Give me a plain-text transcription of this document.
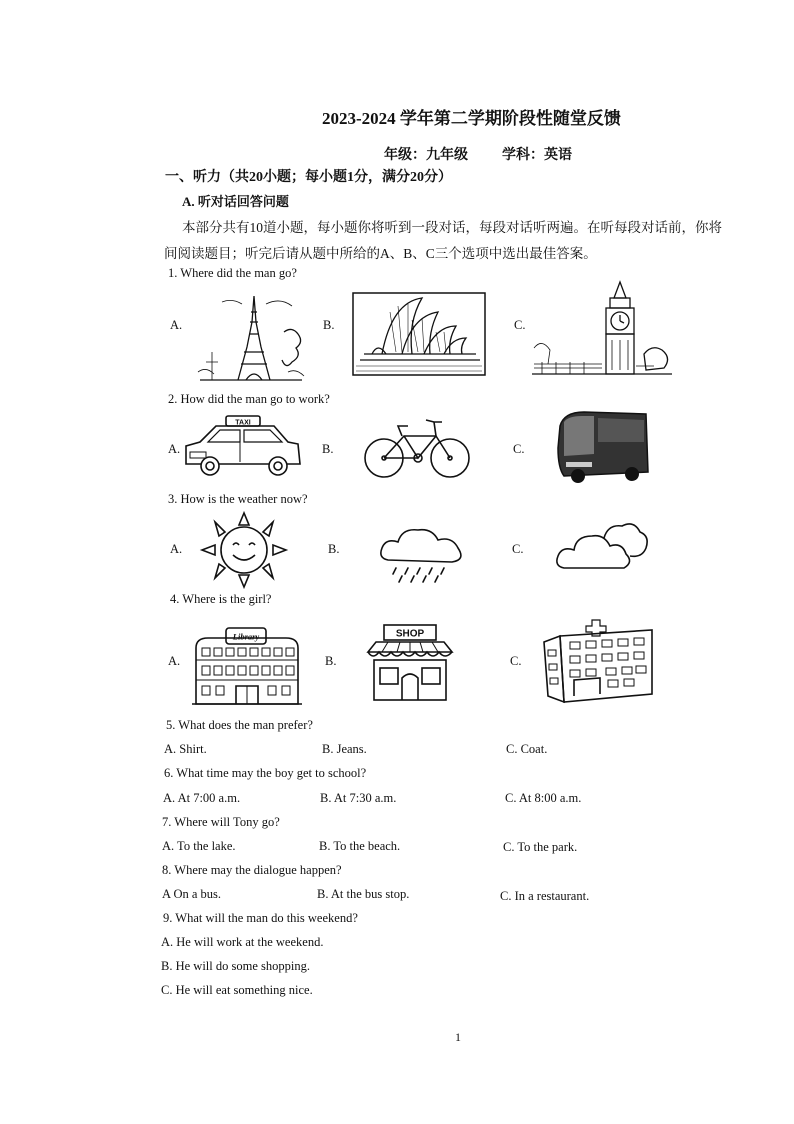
2023-2024 学年第二学期阶段性随堂反馈
年级：九年级 学科：英语
一、听力（共20小题；每小题1分，满分20分）
A. 听对话回答问题
本部分共有10道小题，每小题你将听到一段对话，每段对话听两遍。在听每段对话前，你将
间阅读题目；听完后请从题中所给的A、B、C三个选项中选出最佳答案。
1. Where did the man go?
A.	B.	C.
2. How did the man go to work?
A.	B.	C.
TAXI
3. How is the weather now?
A.	B.	C.
4. Where is the girl?
A.	B.	C.
Library	SHOP
5. What does the man prefer?
A. Shirt.	B. Jeans.	C. Coat.
6. What time may the boy get to school?
A. At 7:00 a.m.	B. At 7:30 a.m.	C. At 8:00 a.m.
7. Where will Tony go?
A. To the lake.	B. To the beach.	C. To the park.
8. Where may the dialogue happen?
A On a bus.	B. At the bus stop.	C. In a restaurant.
9. What will the man do this weekend?
A. He will work at the weekend.
B. He will do some shopping.
C. He will eat something nice.
1
